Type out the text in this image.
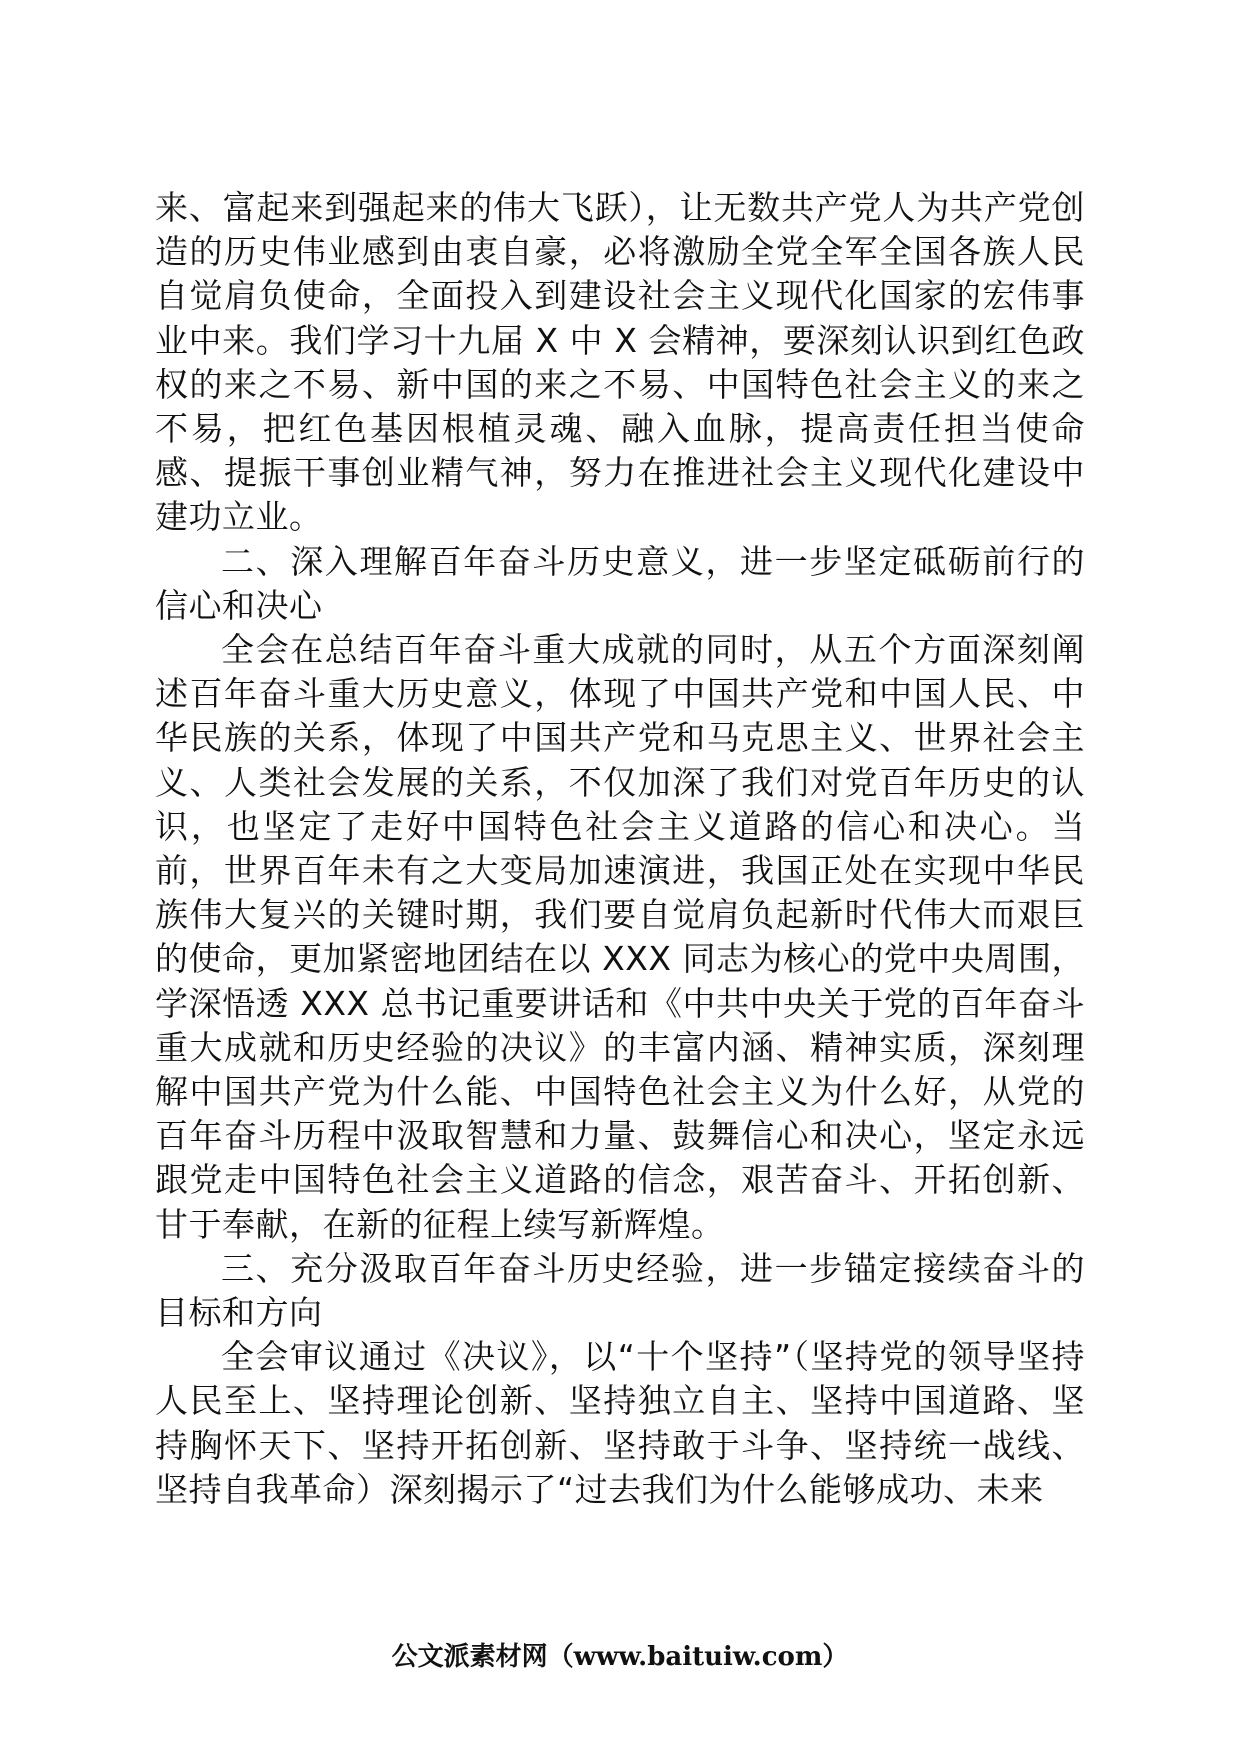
来、富起来到强起来的伟大飞跃），让无数共产党人为共产党创造的历史伟业感到由衷自豪，必将激励全党全军全国各族人民自觉肩负使命，全面投入到建设社会主义现代化国家的宏伟事业中来。我们学习十九届 X 中 X 会精神，要深刻认识到红色政权的来之不易、新中国的来之不易、中国特色社会主义的来之不易，把红色基因根植灵魂、融入血脉，提高责任担当使命感、提振干事创业精气神，努力在推进社会主义现代化建设中建功立业。

二、深入理解百年奋斗历史意义，进一步坚定砥砺前行的信心和决心

全会在总结百年奋斗重大成就的同时，从五个方面深刻阐述百年奋斗重大历史意义，体现了中国共产党和中国人民、中华民族的关系，体现了中国共产党和马克思主义、世界社会主义、人类社会发展的关系，不仅加深了我们对党百年历史的认识，也坚定了走好中国特色社会主义道路的信心和决心。当前，世界百年未有之大变局加速演进，我国正处在实现中华民族伟大复兴的关键时期，我们要自觉肩负起新时代伟大而艰巨的使命，更加紧密地团结在以 XXX 同志为核心的党中央周围，学深悟透 XXX 总书记重要讲话和《中共中央关于党的百年奋斗重大成就和历史经验的决议》的丰富内涵、精神实质，深刻理解中国共产党为什么能、中国特色社会主义为什么好，从党的百年奋斗历程中汲取智慧和力量、鼓舞信心和决心，坚定永远跟党走中国特色社会主义道路的信念，艰苦奋斗、开拓创新、甘于奉献，在新的征程上续写新辉煌。

三、充分汲取百年奋斗历史经验，进一步锚定接续奋斗的目标和方向

全会审议通过《决议》，以“十个坚持”（坚持党的领导坚持人民至上、坚持理论创新、坚持独立自主、坚持中国道路、坚持胸怀天下、坚持开拓创新、坚持敢于斗争、坚持统一战线、坚持自我革命）深刻揭示了“过去我们为什么能够成功、未来

公文派素材网（www.baituiw.com）
